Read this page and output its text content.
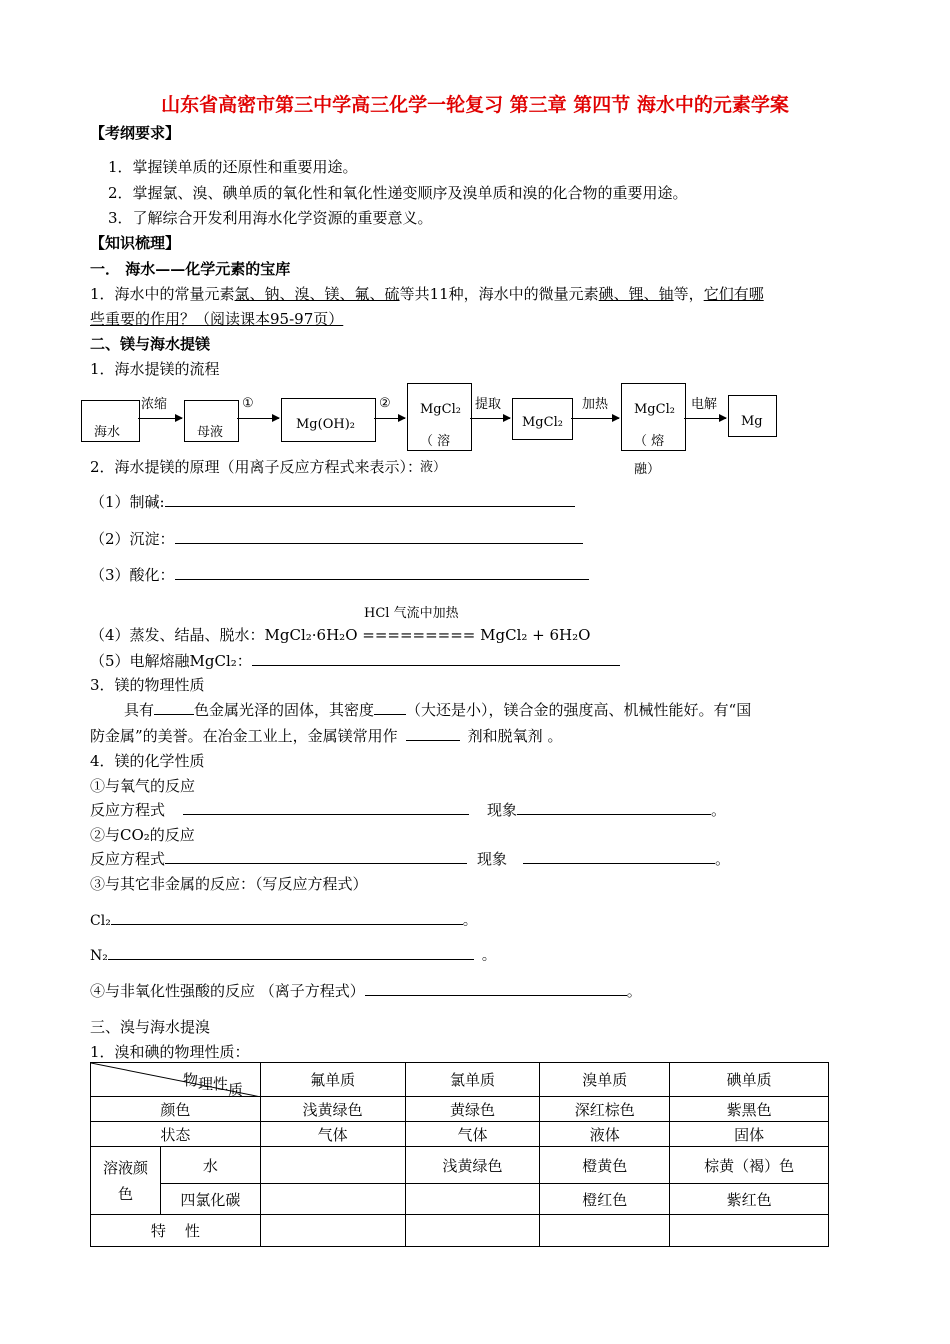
山东省高密市第三中学高三化学一轮复习 第三章 第四节 海水中的元素学案
【考纲要求】
1．掌握镁单质的还原性和重要用途。
2．掌握氯、溴、碘单质的氧化性和氧化性递变顺序及溴单质和溴的化合物的重要用途。
3．了解综合开发利用海水化学资源的重要意义。
【知识梳理】
一． 海水——化学元素的宝库
1．海水中的常量元素氯、钠、溴、镁、氟、硫等共11种，海水中的微量元素碘、锂、铀等，它们有哪
些重要的作用？（阅读课本95-97页）
二、镁与海水提镁
1．海水提镁的流程
海水
浓缩
母液
①
Mg(OH)₂
② MgCl₂
（ 溶
液）
提取
MgCl₂
加热 MgCl₂
（ 熔
融）
电解
Mg
2．海水提镁的原理（用离子反应方程式来表示）：
（1）制碱:
（2）沉淀：
（3）酸化：
HCl 气流中加热
（4）蒸发、结晶、脱水：MgCl₂·6H₂O ========= MgCl₂ + 6H₂O
（5）电解熔融MgCl₂：
3．镁的物理性质
具有	色金属光泽的固体，其密度 （大还是小），镁合金的强度高、机械性能好。有“国
防金属”的美誉。在冶金工业上，金属镁常用作	剂和脱氧剂 。
4．镁的化学性质
①与氧气的反应
反应方程式	现象	。
②与CO₂的反应
反应方程式	现象	。
③与其它非金属的反应：（写反应方程式）
Cl₂	。
N₂	。
④与非氧化性强酸的反应 （离子方程式）	。
三、溴与海水提溴
1．溴和碘的物理性质：
物 理性 质		氟单质	氯单质	溴单质	碘单质
颜色		浅黄绿色	黄绿色	深红棕色	紫黑色
状态		气体	气体	液体	固体
溶液颜色	水		浅黄绿色	橙黄色	棕黄（褐）色
	四氯化碳			橙红色	紫红色
特    性					
